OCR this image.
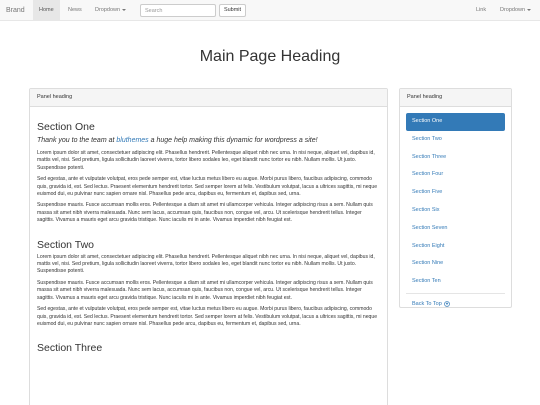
Brand	Home	News	Dropdown
Search	Submit	Link	Dropdown
Main Page Heading
Panel heading
Section One

Thank you to the team at bluthemes a huge help making this dynamic for wordpress a site!

Lorem ipsum dolor sit amet, consectetuer adipiscing elit. Phasellus hendrerit. Pellentesque aliquet nibh nec urna. In nisi neque, aliquet vel, dapibus id, mattis vel, nisi. Sed pretium, ligula sollicitudin laoreet viverra, tortor libero sodales leo, eget blandit nunc tortor eu nibh. Nullam mollis. Ut justo. Suspendisse potenti.

Sed egestas, ante et vulputate volutpat, eros pede semper est, vitae luctus metus libero eu augue. Morbi purus libero, faucibus adipiscing, commodo quis, gravida id, est. Sed lectus. Praesent elementum hendrerit tortor. Sed semper lorem at felis. Vestibulum volutpat, lacus a ultrices sagittis, mi neque euismod dui, eu pulvinar nunc sapien ornare nisl. Phasellus pede arcu, dapibus eu, fermentum et, dapibus sed, urna.

Suspendisse mauris. Fusce accumsan mollis eros. Pellentesque a diam sit amet mi ullamcorper vehicula. Integer adipiscing risus a sem. Nullam quis massa sit amet nibh viverra malesuada. Nunc sem lacus, accumsan quis, faucibus non, congue vel, arcu. Ut scelerisque hendrerit tellus. Integer sagittis. Vivamus a mauris eget arcu gravida tristique. Nunc iaculis mi in ante. Vivamus imperdiet nibh feugiat est.

Section Two

Lorem ipsum dolor sit amet, consectetuer adipiscing elit. Phasellus hendrerit. Pellentesque aliquet nibh nec urna. In nisi neque, aliquet vel, dapibus id, mattis vel, nisi. Sed pretium, ligula sollicitudin laoreet viverra, tortor libero sodales leo, eget blandit nunc tortor eu nibh. Nullam mollis. Ut justo. Suspendisse potenti.

Suspendisse mauris. Fusce accumsan mollis eros. Pellentesque a diam sit amet mi ullamcorper vehicula. Integer adipiscing risus a sem. Nullam quis massa sit amet nibh viverra malesuada. Nunc sem lacus, accumsan quis, faucibus non, congue vel, arcu. Ut scelerisque hendrerit tellus. Integer sagittis. Vivamus a mauris eget arcu gravida tristique. Nunc iaculis mi in ante. Vivamus imperdiet nibh feugiat est.

Sed egestas, ante et vulputate volutpat, eros pede semper est, vitae luctus metus libero eu augue. Morbi purus libero, faucibus adipiscing, commodo quis, gravida id, est. Sed lectus. Praesent elementum hendrerit tortor. Sed semper lorem at felis. Vestibulum volutpat, lacus a ultrices sagittis, mi neque euismod dui, eu pulvinar nunc sapien ornare nisl. Phasellus pede arcu, dapibus eu, fermentum et, dapibus sed, urna.

Section Three
Panel heading
Section One
Section Two
Section Three
Section Four
Section Five
Section Six
Section Seven
Section Eight
Section Nine
Section Ten
Back To Top
